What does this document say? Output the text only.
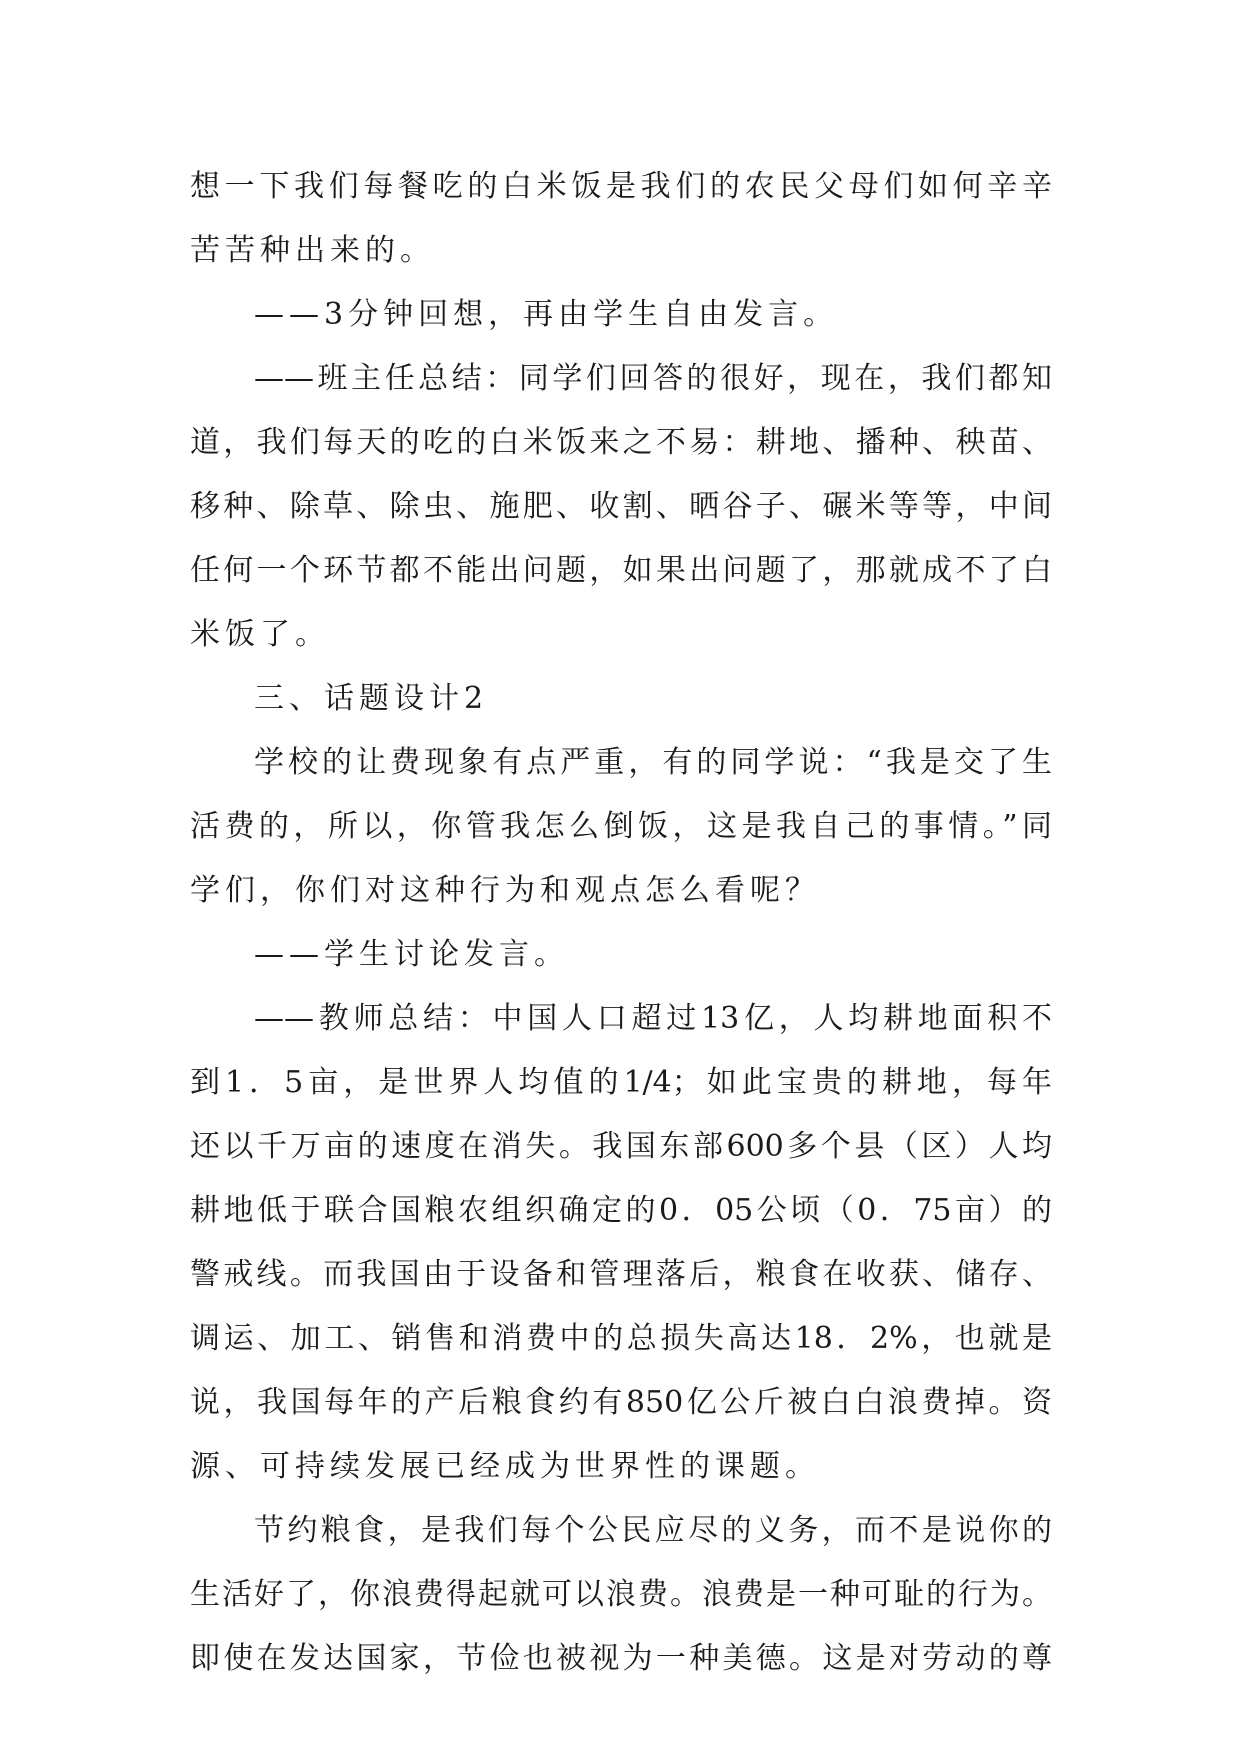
想一下我们每餐吃的白米饭是我们的农民父母们如何辛辛
苦苦种出来的。
——3分钟回想，再由学生自由发言。
——班主任总结：同学们回答的很好，现在，我们都知
道，我们每天的吃的白米饭来之不易：耕地、播种、秧苗、
移种、除草、除虫、施肥、收割、晒谷子、碾米等等，中间
任何一个环节都不能出问题，如果出问题了，那就成不了白
米饭了。
三、话题设计2
学校的让费现象有点严重，有的同学说：“我是交了生
活费的，所以，你管我怎么倒饭，这是我自己的事情。”同
学们，你们对这种行为和观点怎么看呢？
——学生讨论发言。
——教师总结：中国人口超过13亿，人均耕地面积不
到1．5亩，是世界人均值的1/4；如此宝贵的耕地，每年
还以千万亩的速度在消失。我国东部600多个县（区）人均
耕地低于联合国粮农组织确定的0．05公顷（0．75亩）的
警戒线。而我国由于设备和管理落后，粮食在收获、储存、
调运、加工、销售和消费中的总损失高达18．2%，也就是
说，我国每年的产后粮食约有850亿公斤被白白浪费掉。资
源、可持续发展已经成为世界性的课题。
节约粮食，是我们每个公民应尽的义务，而不是说你的
生活好了，你浪费得起就可以浪费。浪费是一种可耻的行为。
即使在发达国家，节俭也被视为一种美德。这是对劳动的尊
